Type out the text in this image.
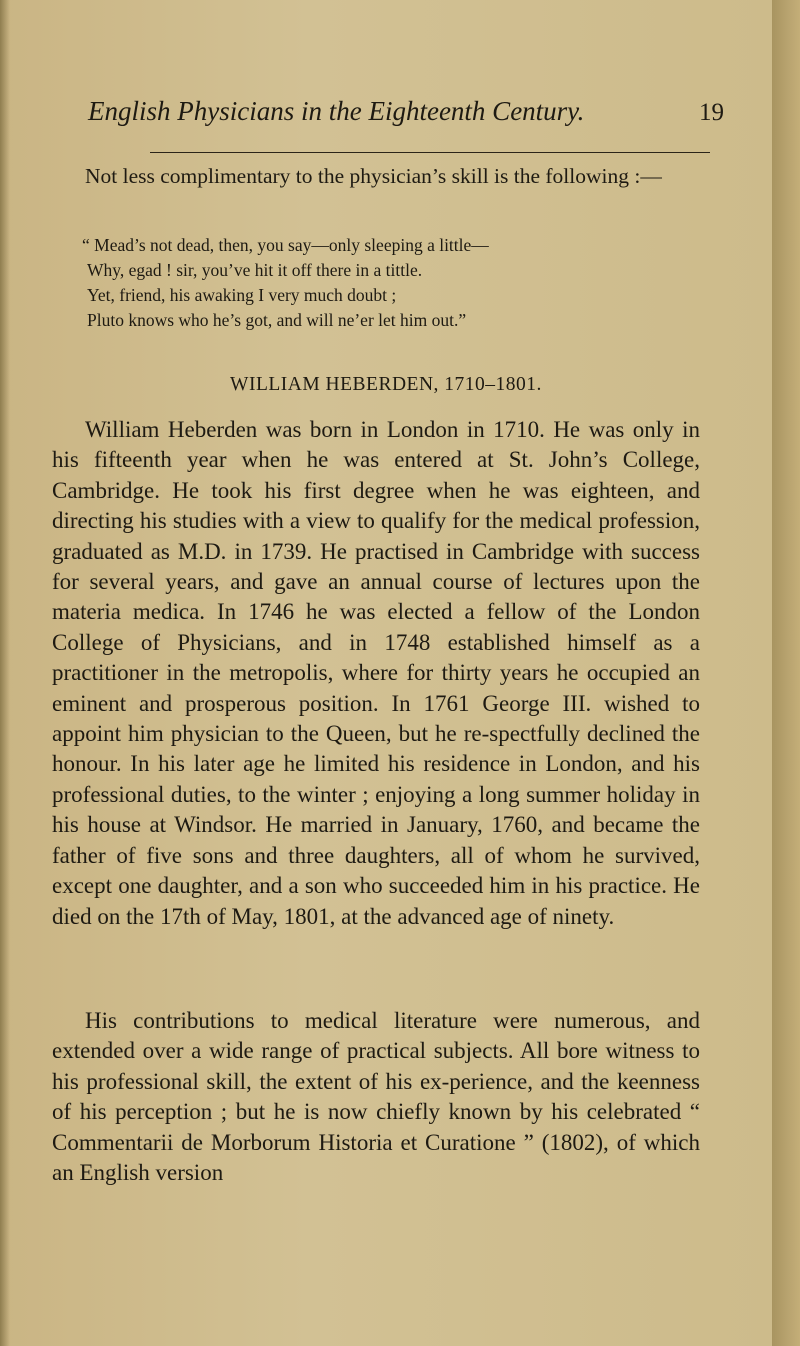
English Physicians in the Eighteenth Century.	19
Not less complimentary to the physician’s skill is the following :—
“ Mead’s not dead, then, you say—only sleeping a little—
Why, egad ! sir, you’ve hit it off there in a tittle.
Yet, friend, his awaking I very much doubt ;
Pluto knows who he’s got, and will ne’er let him out.”
WILLIAM HEBERDEN, 1710–1801.
William Heberden was born in London in 1710. He was only in his fifteenth year when he was entered at St. John’s College, Cambridge. He took his first degree when he was eighteen, and directing his studies with a view to qualify for the medical profession, graduated as M.D. in 1739. He practised in Cambridge with success for several years, and gave an annual course of lectures upon the materia medica. In 1746 he was elected a fellow of the London College of Physicians, and in 1748 established himself as a practitioner in the metropolis, where for thirty years he occupied an eminent and prosperous position. In 1761 George III. wished to appoint him physician to the Queen, but he re-spectfully declined the honour. In his later age he limited his residence in London, and his professional duties, to the winter ; enjoying a long summer holiday in his house at Windsor. He married in January, 1760, and became the father of five sons and three daughters, all of whom he survived, except one daughter, and a son who succeeded him in his practice. He died on the 17th of May, 1801, at the advanced age of ninety.
His contributions to medical literature were numerous, and extended over a wide range of practical subjects. All bore witness to his professional skill, the extent of his ex-perience, and the keenness of his perception ; but he is now chiefly known by his celebrated “ Commentarii de Morborum Historia et Curatione ” (1802), of which an English version
